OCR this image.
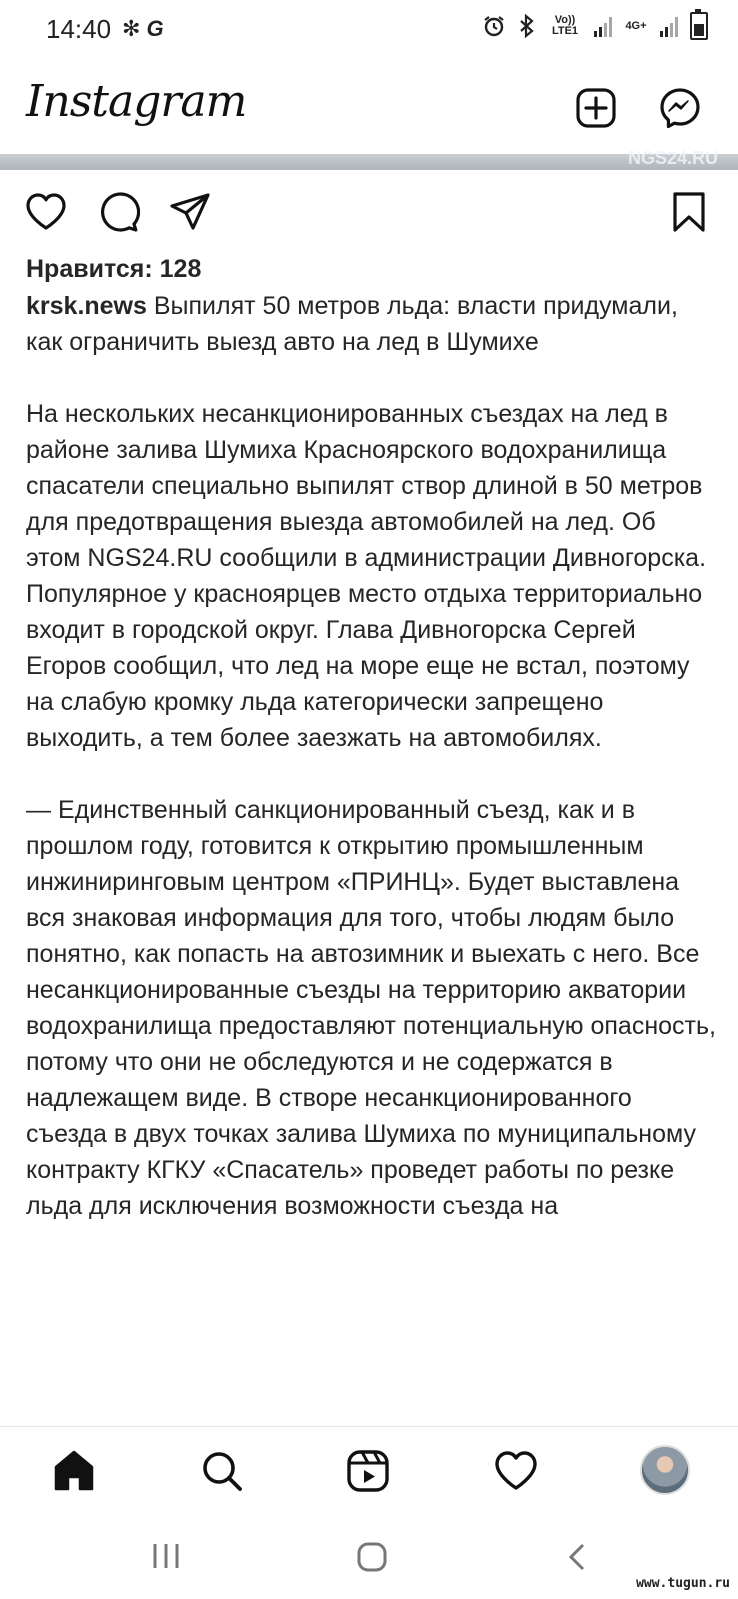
14:40 ✻ G	Vo)) LTE1	4G+
Instagram
NGS24.RU
Нравится: 128

krsk.news Выпилят 50 метров льда: власти придумали, как ограничить выезд авто на лед в Шумихе

На нескольких несанкционированных съездах на лед в районе залива Шумиха Красноярского водохранилища спасатели специально выпилят створ длиной в 50 метров для предотвращения выезда автомобилей на лед. Об этом NGS24.RU сообщили в администрации Дивногорска. Популярное у красноярцев место отдыха территориально входит в городской округ. Глава Дивногорска Сергей Егоров сообщил, что лед на море еще не встал, поэтому на слабую кромку льда категорически запрещено выходить, а тем более заезжать на автомобилях.

— Единственный санкционированный съезд, как и в прошлом году, готовится к открытию промышленным инжиниринговым центром «ПРИНЦ». Будет выставлена вся знаковая информация для того, чтобы людям было понятно, как попасть на автозимник и выехать с него. Все несанкционированные съезды на территорию акватории водохранилища предоставляют потенциальную опасность, потому что они не обследуются и не содержатся в надлежащем виде. В створе несанкционированного съезда в двух точках залива Шумиха по муниципальному контракту КГКУ «Спасатель» проведет работы по резке льда для исключения возможности съезда на

www.tugun.ru
